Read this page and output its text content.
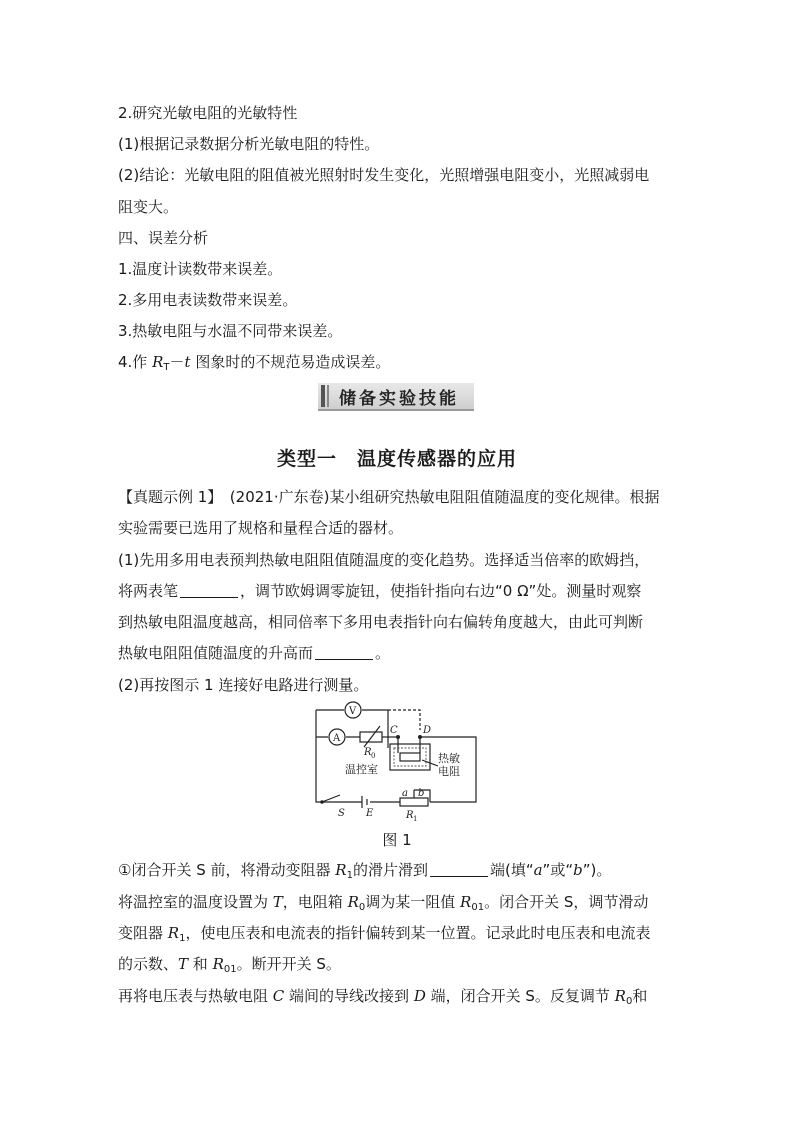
2.研究光敏电阻的光敏特性
(1)根据记录数据分析光敏电阻的特性。
(2)结论：光敏电阻的阻值被光照射时发生变化，光照增强电阻变小，光照减弱电
阻变大。
四、误差分析
1.温度计读数带来误差。
2.多用电表读数带来误差。
3.热敏电阻与水温不同带来误差。
4.作 $R_T-t$ 图象时的不规范易造成误差。
储备实验技能
类型一　温度传感器的应用
【真题示例 1】　(2021·广东卷)某小组研究热敏电阻阻值随温度的变化规律。根据
实验需要已选用了规格和量程合适的器材。
(1)先用多用电表预判热敏电阻阻值随温度的变化趋势。选择适当倍率的欧姆挡，
将两表笔	，调节欧姆调零旋钮，使指针指向右边“0 Ω”处。测量时观察
到热敏电阻温度越高，相同倍率下多用电表指针向右偏转角度越大，由此可判断
热敏电阻阻值随温度的升高而	。
(2)再按图示 1 连接好电路进行测量。
V
A
C	D
R 0
温控室
热敏
电阻
S E
a b
R 1
图 1
①闭合开关 S 前，将滑动变阻器 $R_1$的滑片滑到	端(填“a”或“b”)。
将温控室的温度设置为 T，电阻箱 $R_0$调为某一阻值 $R_{01}$。闭合开关 S，调节滑动
变阻器 $R_1$，使电压表和电流表的指针偏转到某一位置。记录此时电压表和电流表
的示数、T 和 $R_{01}$。断开开关 S。
再将电压表与热敏电阻 C 端间的导线改接到 D 端，闭合开关 S。反复调节 $R_0$和
